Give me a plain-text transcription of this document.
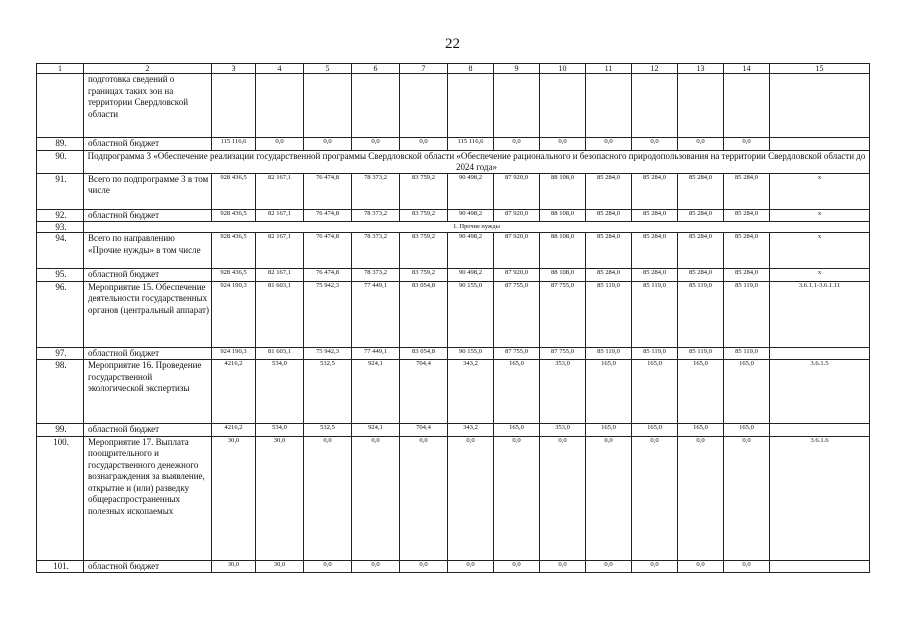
22
1	2	3	4	5	6	7	8	9	10	11	12	13	14	15
	подготовка сведений о границах таких зон на территории Свердловской области													
89.	областной бюджет	115 116,6	0,0	0,0	0,0	0,0	115 116,6	0,0	0,0	0,0	0,0	0,0	0,0	
90.	Подпрограмма 3 «Обеспечение реализации государственной программы Свердловской области «Обеспечение рационального и безопасного природопользования на территории Свердловской области до 2024 года»													
91.	Всего по подпрограмме 3 в том числе	928 436,5	82 167,1	76 474,8	78 373,2	83 759,2	90 498,2	87 920,0	88 108,0	85 284,0	85 284,0	85 284,0	85 284,0	x
92.	областной бюджет	928 436,5	82 167,1	76 474,8	78 373,2	83 759,2	90 498,2	87 920,0	88 108,0	85 284,0	85 284,0	85 284,0	85 284,0	x
93.	1. Прочие нужды													
94.	Всего по направлению «Прочие нужды» в том числе	928 436,5	82 167,1	76 474,8	78 373,2	83 759,2	90 498,2	87 920,0	88 108,0	85 284,0	85 284,0	85 284,0	85 284,0	x
95.	областной бюджет	928 436,5	82 167,1	76 474,8	78 373,2	83 759,2	90 498,2	87 920,0	88 108,0	85 284,0	85 284,0	85 284,0	85 284,0	x
96.	Мероприятие 15. Обеспечение деятельности государственных органов (центральный аппарат)	924 190,3	81 603,1	75 942,3	77 449,1	83 054,8	90 155,0	87 755,0	87 755,0	85 119,0	85 119,0	85 119,0	85 119,0	3.6.1.1-3.6.1.11
97.	областной бюджет	924 190,3	81 603,1	75 942,3	77 449,1	83 054,8	90 155,0	87 755,0	87 755,0	85 119,0	85 119,0	85 119,0	85 119,0	
98.	Мероприятие 16. Проведение государственной экологической экспертизы	4216,2	534,0	532,5	924,1	704,4	343,2	165,0	353,0	165,0	165,0	165,0	165,0	3.6.1.5
99.	областной бюджет	4216,2	534,0	532,5	924,1	704,4	343,2	165,0	353,0	165,0	165,0	165,0	165,0	
100.	Мероприятие 17. Выплата поощрительного и государственного денежного вознаграждения за выявление, открытие и (или) разведку общераспространенных полезных ископаемых	30,0	30,0	0,0	0,0	0,0	0,0	0,0	0,0	0,0	0,0	0,0	0,0	3.6.1.6
101.	областной бюджет	30,0	30,0	0,0	0,0	0,0	0,0	0,0	0,0	0,0	0,0	0,0	0,0	
